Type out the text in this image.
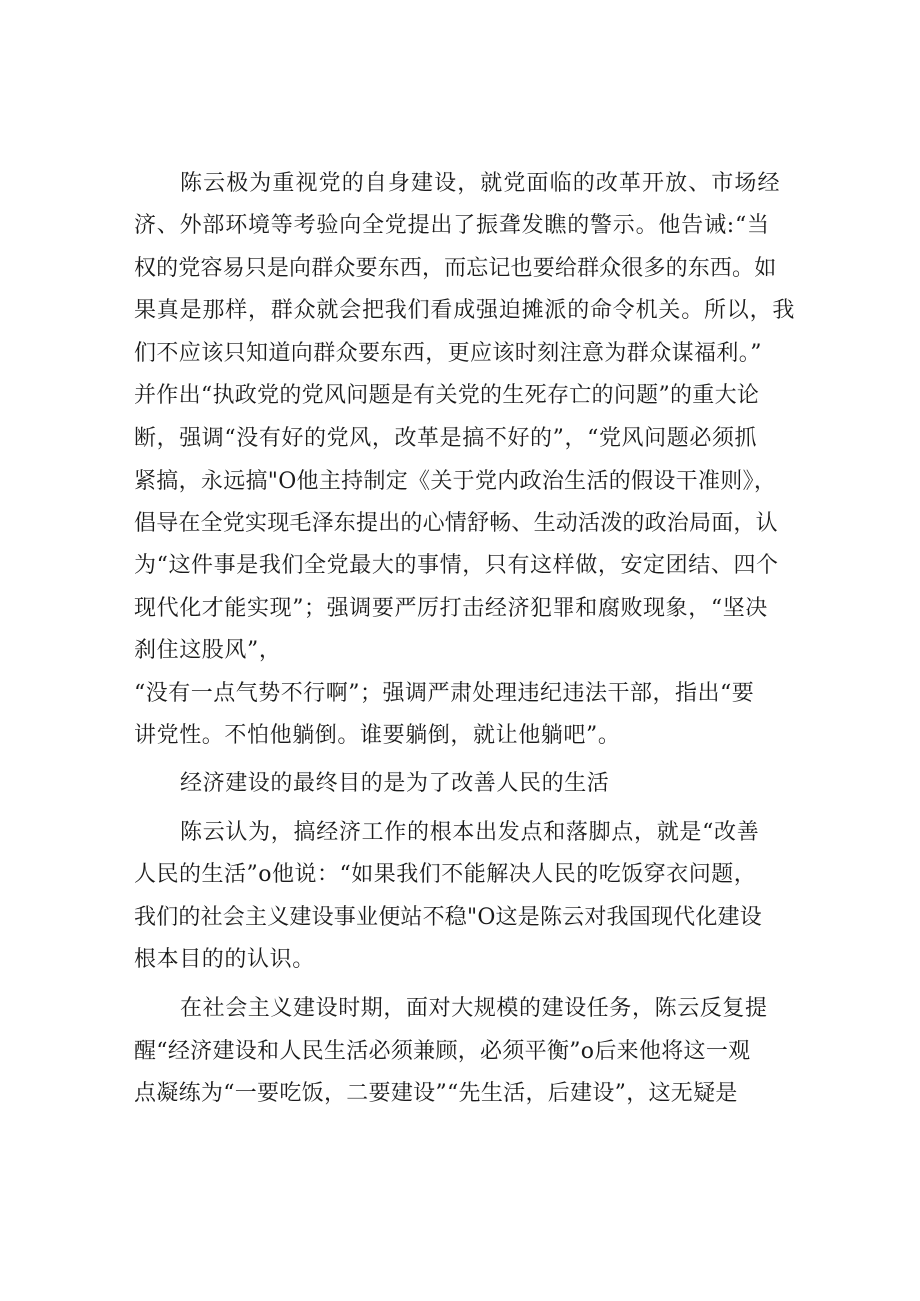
陈云极为重视党的自身建设，就党面临的改革开放、市场经
济、外部环境等考验向全党提出了振聋发瞧的警示。他告诫:“当
权的党容易只是向群众要东西，而忘记也要给群众很多的东西。如
果真是那样，群众就会把我们看成强迫摊派的命令机关。所以，我
们不应该只知道向群众要东西，更应该时刻注意为群众谋福利。”
并作出“执政党的党风问题是有关党的生死存亡的问题”的重大论
断，强调“没有好的党风，改革是搞不好的”，“党风问题必须抓
紧搞，永远搞"O他主持制定《关于党内政治生活的假设干准则》，
倡导在全党实现毛泽东提出的心情舒畅、生动活泼的政治局面，认
为“这件事是我们全党最大的事情，只有这样做，安定团结、四个
现代化才能实现”；强调要严厉打击经济犯罪和腐败现象，“坚决
刹住这股风”，
“没有一点气势不行啊”；强调严肃处理违纪违法干部，指出“要
讲党性。不怕他躺倒。谁要躺倒，就让他躺吧”。
经济建设的最终目的是为了改善人民的生活
陈云认为，搞经济工作的根本出发点和落脚点，就是“改善
人民的生活”o他说：“如果我们不能解决人民的吃饭穿衣问题，
我们的社会主义建设事业便站不稳"O这是陈云对我国现代化建设
根本目的的认识。
在社会主义建设时期，面对大规模的建设任务，陈云反复提
醒“经济建设和人民生活必须兼顾，必须平衡”o后来他将这一观
点凝练为“一要吃饭，二要建设”“先生活，后建设”，这无疑是
